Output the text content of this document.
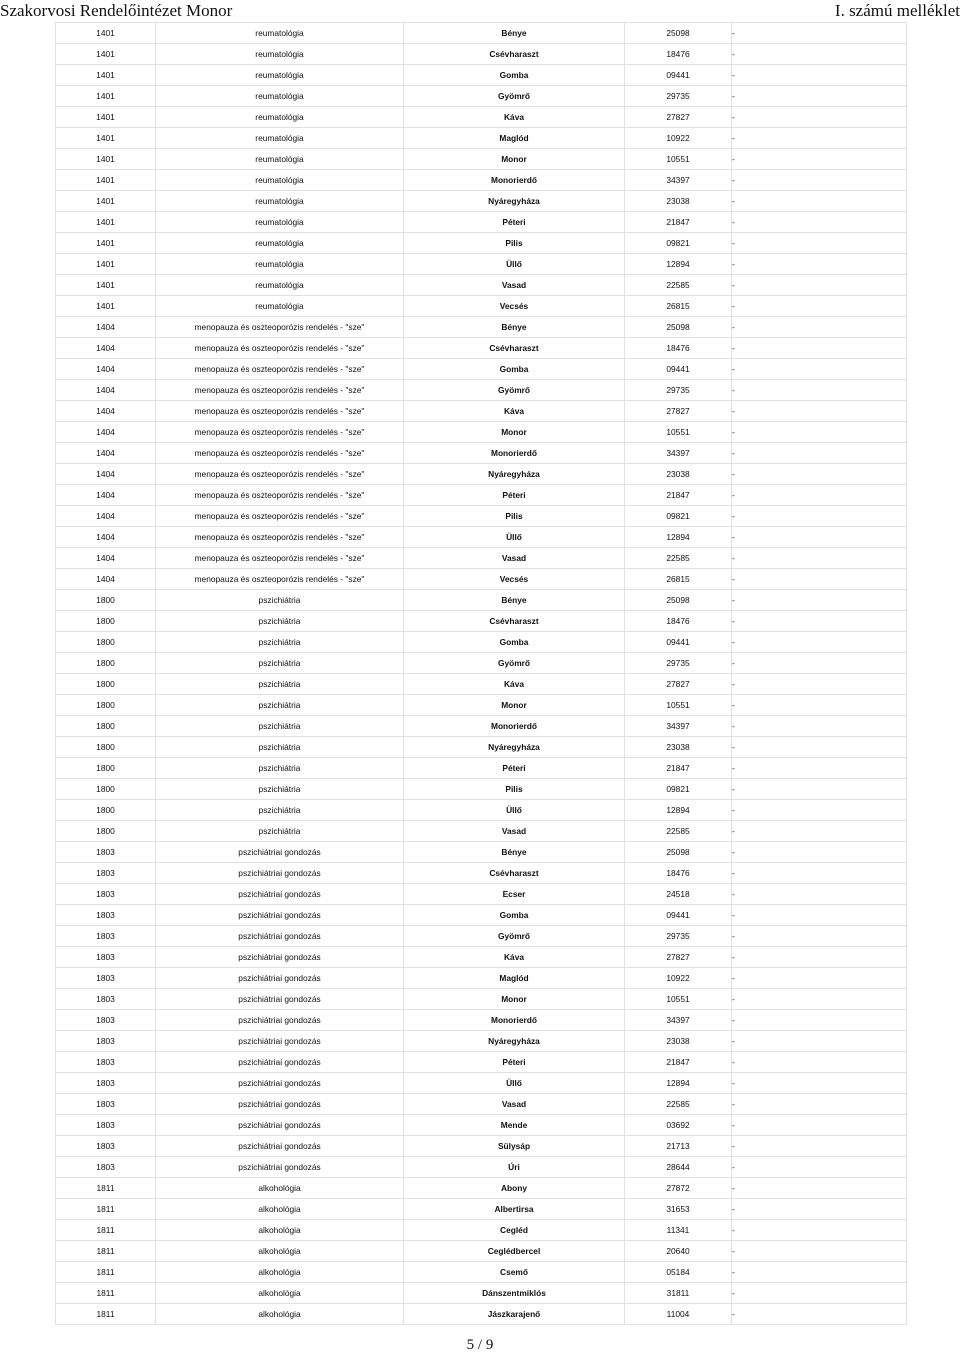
Szakorvosi Rendelőintézet Monor	I. számú melléklet
1401	reumatológia	Bénye	25098	-
1401	reumatológia	Csévharaszt	18476	-
1401	reumatológia	Gomba	09441	-
1401	reumatológia	Gyömrő	29735	-
1401	reumatológia	Káva	27827	-
1401	reumatológia	Maglód	10922	-
1401	reumatológia	Monor	10551	-
1401	reumatológia	Monorierdő	34397	-
1401	reumatológia	Nyáregyháza	23038	-
1401	reumatológia	Péteri	21847	-
1401	reumatológia	Pilis	09821	-
1401	reumatológia	Üllő	12894	-
1401	reumatológia	Vasad	22585	-
1401	reumatológia	Vecsés	26815	-
1404	menopauza és oszteoporózis rendelés - "sze"	Bénye	25098	-
1404	menopauza és oszteoporózis rendelés - "sze"	Csévharaszt	18476	-
1404	menopauza és oszteoporózis rendelés - "sze"	Gomba	09441	-
1404	menopauza és oszteoporózis rendelés - "sze"	Gyömrő	29735	-
1404	menopauza és oszteoporózis rendelés - "sze"	Káva	27827	-
1404	menopauza és oszteoporózis rendelés - "sze"	Monor	10551	-
1404	menopauza és oszteoporózis rendelés - "sze"	Monorierdő	34397	-
1404	menopauza és oszteoporózis rendelés - "sze"	Nyáregyháza	23038	-
1404	menopauza és oszteoporózis rendelés - "sze"	Péteri	21847	-
1404	menopauza és oszteoporózis rendelés - "sze"	Pilis	09821	-
1404	menopauza és oszteoporózis rendelés - "sze"	Üllő	12894	-
1404	menopauza és oszteoporózis rendelés - "sze"	Vasad	22585	-
1404	menopauza és oszteoporózis rendelés - "sze"	Vecsés	26815	-
1800	pszichiátria	Bénye	25098	-
1800	pszichiátria	Csévharaszt	18476	-
1800	pszichiátria	Gomba	09441	-
1800	pszichiátria	Gyömrő	29735	-
1800	pszichiátria	Káva	27827	-
1800	pszichiátria	Monor	10551	-
1800	pszichiátria	Monorierdő	34397	-
1800	pszichiátria	Nyáregyháza	23038	-
1800	pszichiátria	Péteri	21847	-
1800	pszichiátria	Pilis	09821	-
1800	pszichiátria	Üllő	12894	-
1800	pszichiátria	Vasad	22585	-
1803	pszichiátriai gondozás	Bénye	25098	-
1803	pszichiátriai gondozás	Csévharaszt	18476	-
1803	pszichiátriai gondozás	Ecser	24518	-
1803	pszichiátriai gondozás	Gomba	09441	-
1803	pszichiátriai gondozás	Gyömrő	29735	-
1803	pszichiátriai gondozás	Káva	27827	-
1803	pszichiátriai gondozás	Maglód	10922	-
1803	pszichiátriai gondozás	Monor	10551	-
1803	pszichiátriai gondozás	Monorierdő	34397	-
1803	pszichiátriai gondozás	Nyáregyháza	23038	-
1803	pszichiátriai gondozás	Péteri	21847	-
1803	pszichiátriai gondozás	Üllő	12894	-
1803	pszichiátriai gondozás	Vasad	22585	-
1803	pszichiátriai gondozás	Mende	03692	-
1803	pszichiátriai gondozás	Sülysáp	21713	-
1803	pszichiátriai gondozás	Úri	28644	-
1811	alkohológia	Abony	27872	-
1811	alkohológia	Albertirsa	31653	-
1811	alkohológia	Cegléd	11341	-
1811	alkohológia	Ceglédbercel	20640	-
1811	alkohológia	Csemő	05184	-
1811	alkohológia	Dánszentmiklós	31811	-
1811	alkohológia	Jászkarajenő	11004	-
5 / 9
